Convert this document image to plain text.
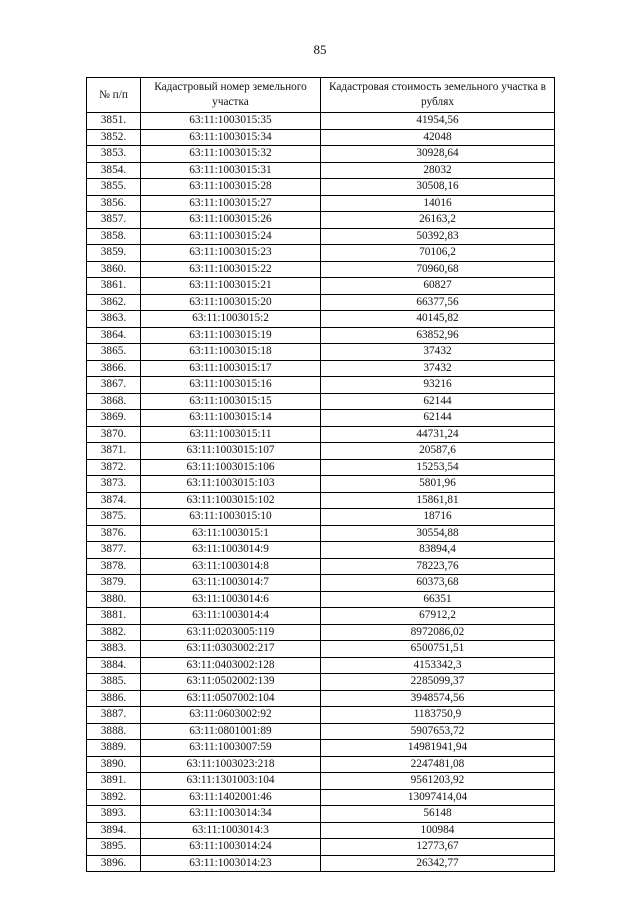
85
№ п/п	Кадастровый номер земельного участка	Кадастровая стоимость земельного участка в рублях
3851.	63:11:1003015:35	41954,56
3852.	63:11:1003015:34	42048
3853.	63:11:1003015:32	30928,64
3854.	63:11:1003015:31	28032
3855.	63:11:1003015:28	30508,16
3856.	63:11:1003015:27	14016
3857.	63:11:1003015:26	26163,2
3858.	63:11:1003015:24	50392,83
3859.	63:11:1003015:23	70106,2
3860.	63:11:1003015:22	70960,68
3861.	63:11:1003015:21	60827
3862.	63:11:1003015:20	66377,56
3863.	63:11:1003015:2	40145,82
3864.	63:11:1003015:19	63852,96
3865.	63:11:1003015:18	37432
3866.	63:11:1003015:17	37432
3867.	63:11:1003015:16	93216
3868.	63:11:1003015:15	62144
3869.	63:11:1003015:14	62144
3870.	63:11:1003015:11	44731,24
3871.	63:11:1003015:107	20587,6
3872.	63:11:1003015:106	15253,54
3873.	63:11:1003015:103	5801,96
3874.	63:11:1003015:102	15861,81
3875.	63:11:1003015:10	18716
3876.	63:11:1003015:1	30554,88
3877.	63:11:1003014:9	83894,4
3878.	63:11:1003014:8	78223,76
3879.	63:11:1003014:7	60373,68
3880.	63:11:1003014:6	66351
3881.	63:11:1003014:4	67912,2
3882.	63:11:0203005:119	8972086,02
3883.	63:11:0303002:217	6500751,51
3884.	63:11:0403002:128	4153342,3
3885.	63:11:0502002:139	2285099,37
3886.	63:11:0507002:104	3948574,56
3887.	63:11:0603002:92	1183750,9
3888.	63:11:0801001:89	5907653,72
3889.	63:11:1003007:59	14981941,94
3890.	63:11:1003023:218	2247481,08
3891.	63:11:1301003:104	9561203,92
3892.	63:11:1402001:46	13097414,04
3893.	63:11:1003014:34	56148
3894.	63:11:1003014:3	100984
3895.	63:11:1003014:24	12773,67
3896.	63:11:1003014:23	26342,77
